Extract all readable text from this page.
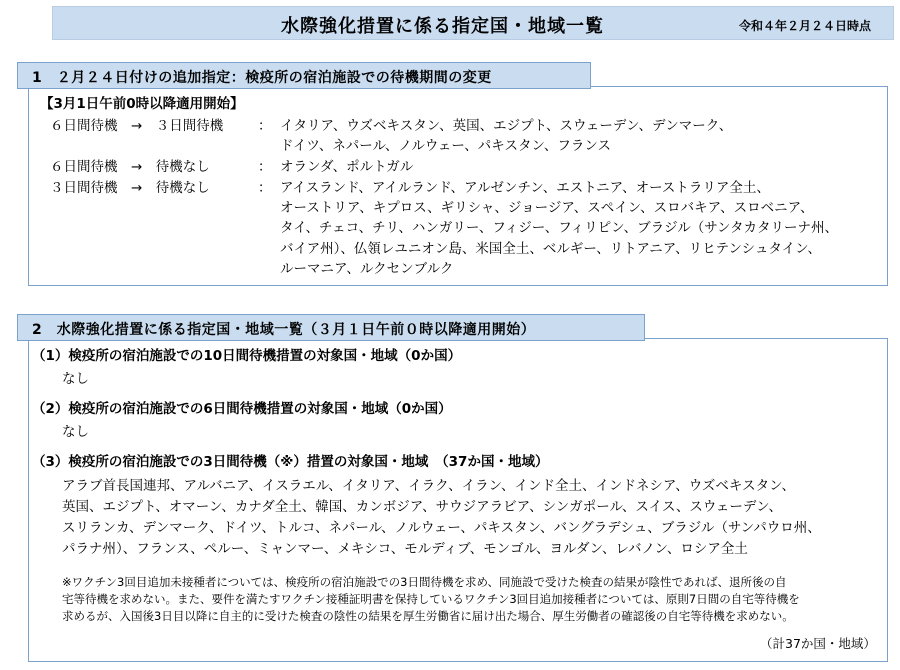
水際強化措置に係る指定国・地域一覧	令和４年２月２４日時点
1　２月２４日付けの追加指定：検疫所の宿泊施設での待機期間の変更
【3月1日午前0時以降適用開始】
６日間待機　→　３日間待機	： イタリア、ウズベキスタン、英国、エジプト、スウェーデン、デンマーク、
ドイツ、ネパール、ノルウェー、パキスタン、フランス
６日間待機　→　待機なし	： オランダ、ポルトガル
３日間待機　→　待機なし	： アイスランド、アイルランド、アルゼンチン、エストニア、オーストラリア全土、
オーストリア、キプロス、ギリシャ、ジョージア、スペイン、スロバキア、スロベニア、
タイ、チェコ、チリ、ハンガリー、フィジー、フィリピン、ブラジル（サンタカタリーナ州、
バイア州）、仏領レユニオン島、米国全土、ベルギー、リトアニア、リヒテンシュタイン、
ルーマニア、ルクセンブルク
2　水際強化措置に係る指定国・地域一覧（３月１日午前０時以降適用開始）
（1）検疫所の宿泊施設での10日間待機措置の対象国・地域（0か国）
なし
（2）検疫所の宿泊施設での6日間待機措置の対象国・地域（0か国）
なし
（3）検疫所の宿泊施設での3日間待機（※）措置の対象国・地域　（37か国・地域）
アラブ首長国連邦、アルバニア、イスラエル、イタリア、イラク、イラン、インド全土、インドネシア、ウズベキスタン、
英国、エジプト、オマーン、カナダ全土、韓国、カンボジア、サウジアラビア、シンガポール、スイス、スウェーデン、
スリランカ、デンマーク、ドイツ、トルコ、ネパール、ノルウェー、パキスタン、バングラデシュ、ブラジル（サンパウロ州、
パラナ州）、フランス、ペルー、ミャンマー、メキシコ、モルディブ、モンゴル、ヨルダン、レバノン、ロシア全土
※ワクチン3回目追加未接種者については、検疫所の宿泊施設での3日間待機を求め、同施設で受けた検査の結果が陰性であれば、退所後の自
宅等待機を求めない。また、要件を満たすワクチン接種証明書を保持しているワクチン3回目追加接種者については、原則7日間の自宅等待機を
求めるが、入国後3日目以降に自主的に受けた検査の陰性の結果を厚生労働省に届け出た場合、厚生労働者の確認後の自宅等待機を求めない。
（計37か国・地域）
